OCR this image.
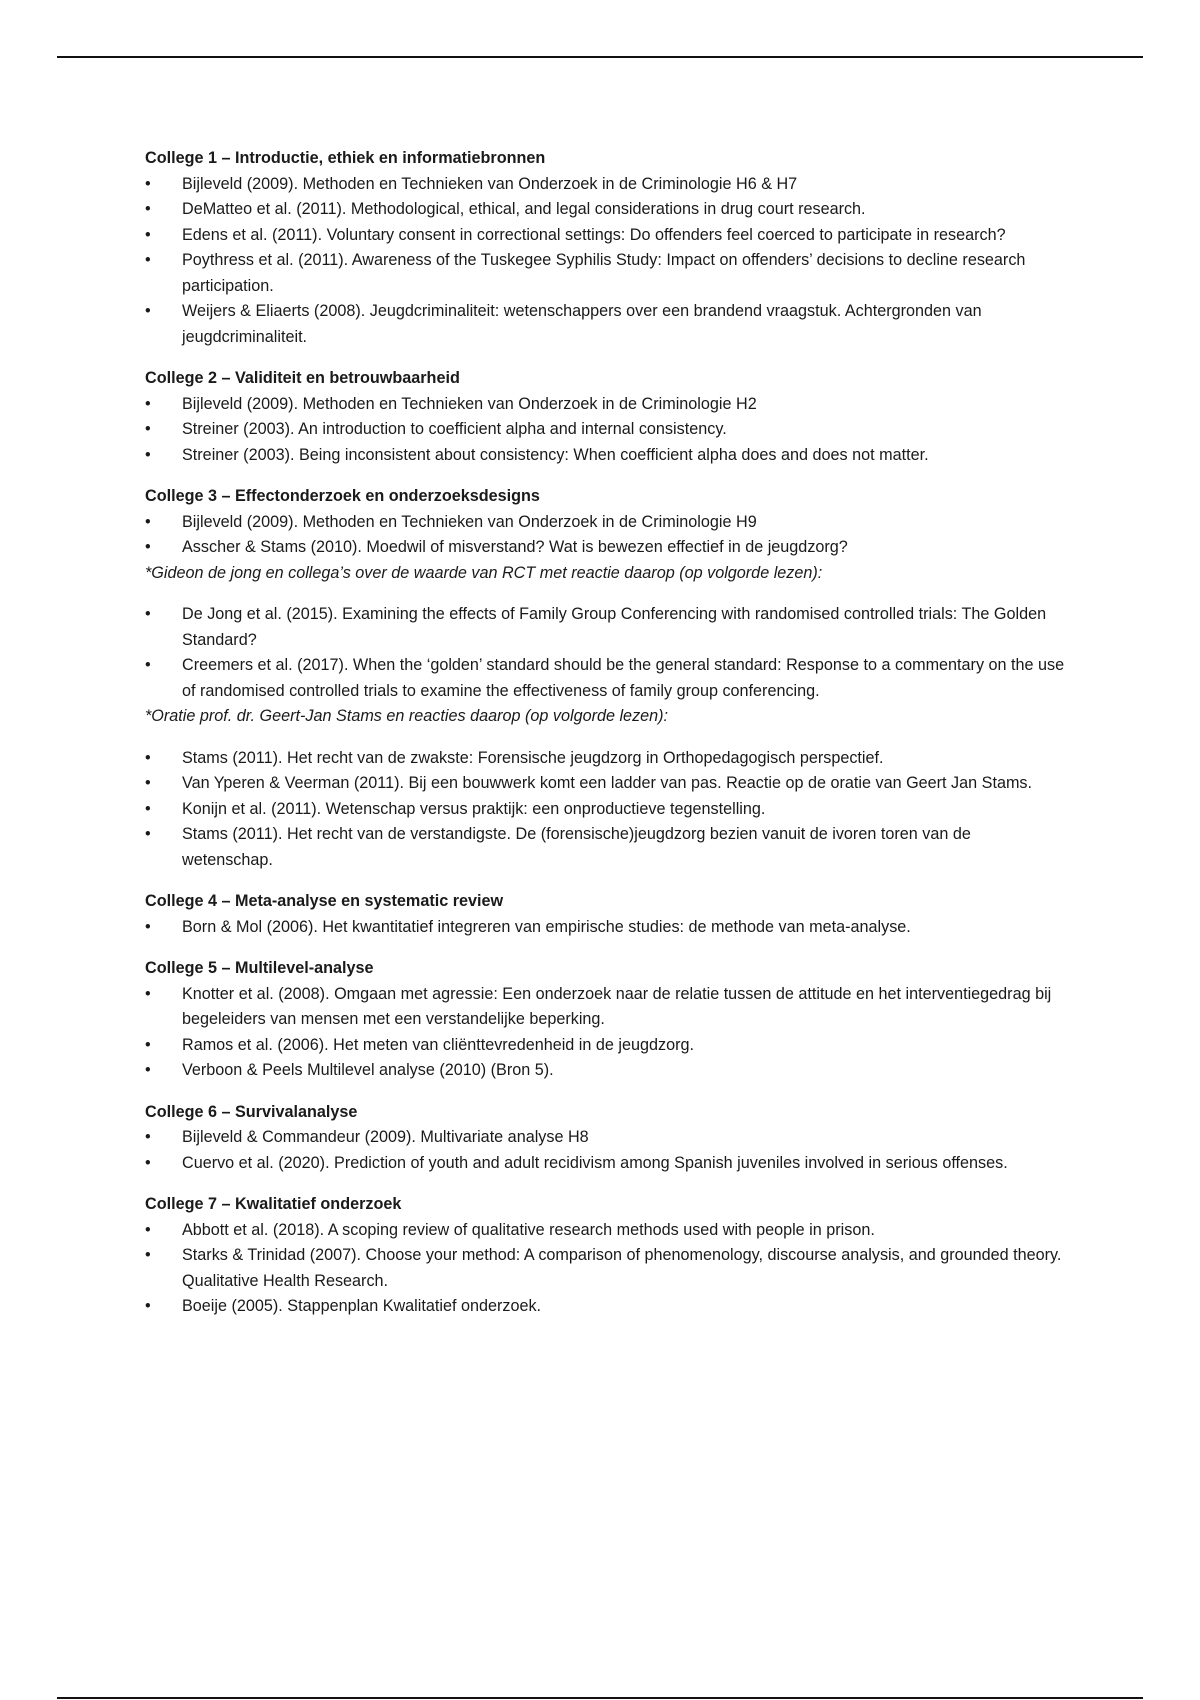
College 1 – Introductie, ethiek en informatiebronnen

•	Bijleveld (2009). Methoden en Technieken van Onderzoek in de Criminologie H6 & H7
•	DeMatteo et al. (2011). Methodological, ethical, and legal considerations in drug court research.
•	Edens et al. (2011). Voluntary consent in correctional settings: Do offenders feel coerced to participate in research?
•	Poythress et al. (2011). Awareness of the Tuskegee Syphilis Study: Impact on offenders’ decisions to decline research participation.
•	Weijers & Eliaerts (2008). Jeugdcriminaliteit: wetenschappers over een brandend vraagstuk. Achtergronden van jeugdcriminaliteit.

College 2 – Validiteit en betrouwbaarheid

•	Bijleveld (2009). Methoden en Technieken van Onderzoek in de Criminologie H2
•	Streiner (2003). An introduction to coefficient alpha and internal consistency.
•	Streiner (2003). Being inconsistent about consistency: When coefficient alpha does and does not matter.

College 3 – Effectonderzoek en onderzoeksdesigns

•	Bijleveld (2009). Methoden en Technieken van Onderzoek in de Criminologie H9
•	Asscher & Stams (2010). Moedwil of misverstand? Wat is bewezen effectief in de jeugdzorg?

*Gideon de jong en collega’s over de waarde van RCT met reactie daarop (op volgorde lezen):

•	De Jong et al. (2015). Examining the effects of Family Group Conferencing with randomised controlled trials: The Golden Standard?
•	Creemers et al. (2017). When the ‘golden’ standard should be the general standard: Response to a commentary on the use of randomised controlled trials to examine the effectiveness of family group conferencing.

*Oratie prof. dr. Geert-Jan Stams en reacties daarop (op volgorde lezen):

•	Stams (2011). Het recht van de zwakste: Forensische jeugdzorg in Orthopedagogisch perspectief.
•	Van Yperen & Veerman (2011). Bij een bouwwerk komt een ladder van pas. Reactie op de oratie van Geert Jan Stams.
•	Konijn et al. (2011). Wetenschap versus praktijk: een onproductieve tegenstelling.
•	Stams (2011). Het recht van de verstandigste. De (forensische)jeugdzorg bezien vanuit de ivoren toren van de wetenschap.

College 4 – Meta-analyse en systematic review

•	Born & Mol (2006). Het kwantitatief integreren van empirische studies: de methode van meta-analyse.

College 5 – Multilevel-analyse

•	Knotter et al. (2008). Omgaan met agressie: Een onderzoek naar de relatie tussen de attitude en het interventiegedrag bij begeleiders van mensen met een verstandelijke beperking.
•	Ramos et al. (2006). Het meten van cliënttevredenheid in de jeugdzorg.
•	Verboon & Peels Multilevel analyse (2010) (Bron 5).

College 6 – Survivalanalyse

•	Bijleveld & Commandeur (2009). Multivariate analyse H8
•	Cuervo et al. (2020). Prediction of youth and adult recidivism among Spanish juveniles involved in serious offenses.

College 7 – Kwalitatief onderzoek

•	Abbott et al. (2018). A scoping review of qualitative research methods used with people in prison.
•	Starks & Trinidad (2007). Choose your method: A comparison of phenomenology, discourse analysis, and grounded theory. Qualitative Health Research.
•	Boeije (2005). Stappenplan Kwalitatief onderzoek.
